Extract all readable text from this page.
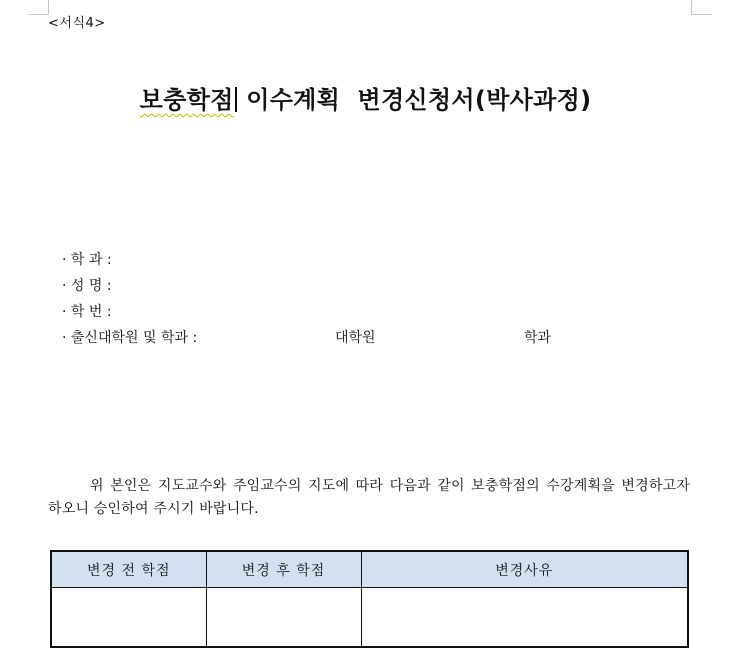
<서식4>
보충학점 이수계획  변경신청서(박사과정)

· 학 과 :

· 성 명 :

· 학 번 :

· 출신대학원 및 학과 :

	대학원

	학과

위 본인은 지도교수와 주임교수의 지도에 따라 다음과 같이 보충학점의 수강계획을 변경하고자 하오니 승인하여 주시기 바랍니다.

변경 전 학점	변경 후 학점	변경사유
